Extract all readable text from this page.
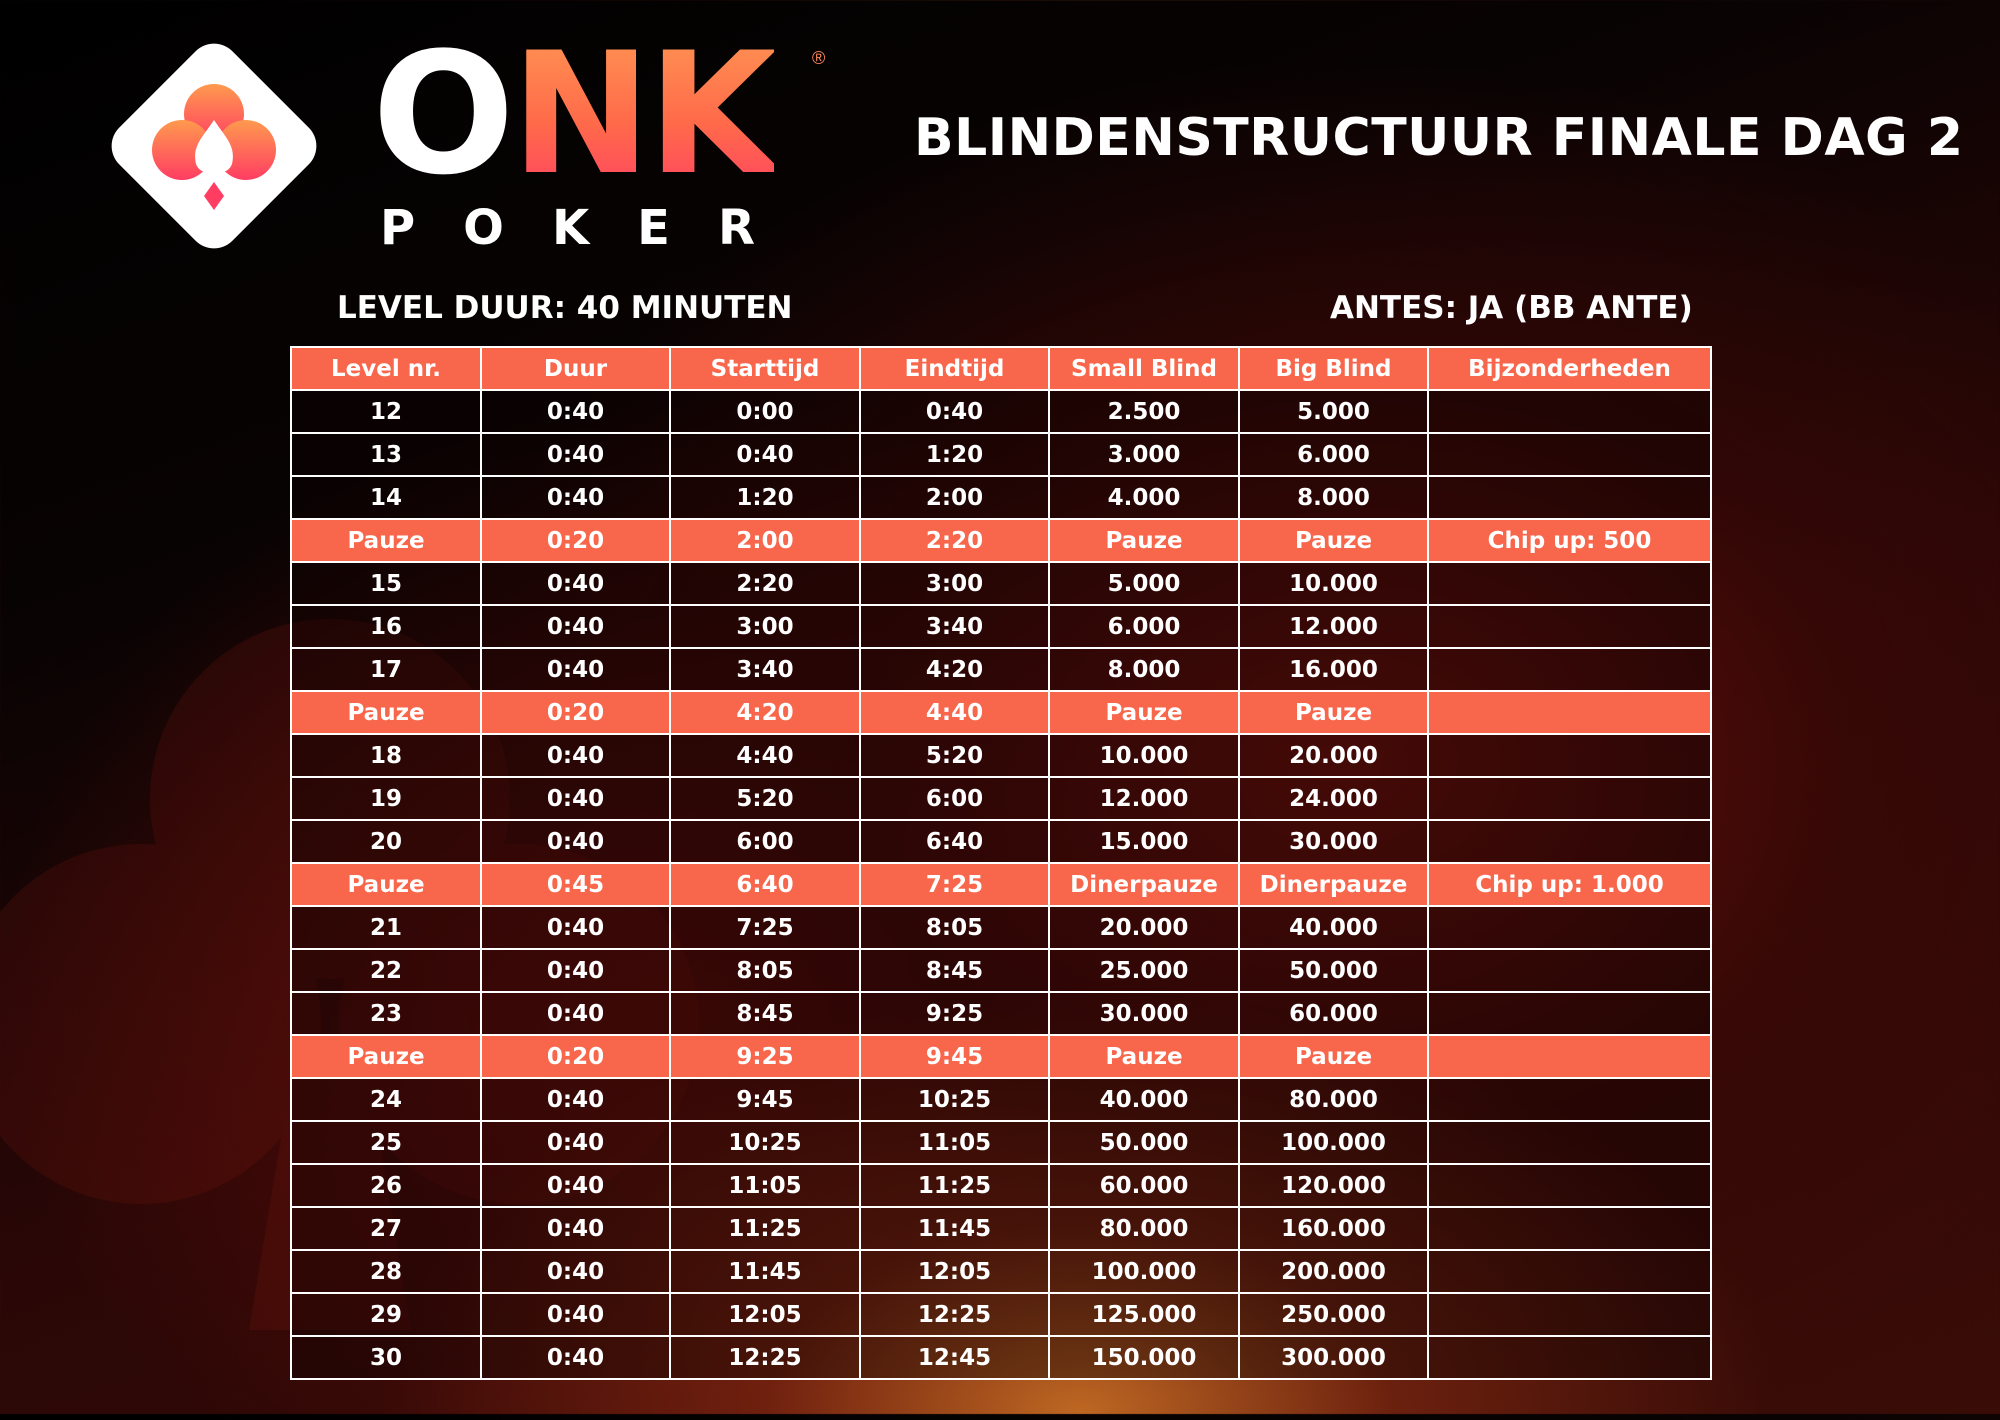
ONK ®
POKER
BLINDENSTRUCTUUR FINALE DAG 2
LEVEL DUUR: 40 MINUTEN	ANTES: JA (BB ANTE)
Level nr.	Duur	Starttijd	Eindtijd	Small Blind	Big Blind	Bijzonderheden
12	0:40	0:00	0:40	2.500	5.000	
13	0:40	0:40	1:20	3.000	6.000	
14	0:40	1:20	2:00	4.000	8.000	
Pauze	0:20	2:00	2:20	Pauze	Pauze	Chip up: 500
15	0:40	2:20	3:00	5.000	10.000	
16	0:40	3:00	3:40	6.000	12.000	
17	0:40	3:40	4:20	8.000	16.000	
Pauze	0:20	4:20	4:40	Pauze	Pauze	
18	0:40	4:40	5:20	10.000	20.000	
19	0:40	5:20	6:00	12.000	24.000	
20	0:40	6:00	6:40	15.000	30.000	
Pauze	0:45	6:40	7:25	Dinerpauze	Dinerpauze	Chip up: 1.000
21	0:40	7:25	8:05	20.000	40.000	
22	0:40	8:05	8:45	25.000	50.000	
23	0:40	8:45	9:25	30.000	60.000	
Pauze	0:20	9:25	9:45	Pauze	Pauze	
24	0:40	9:45	10:25	40.000	80.000	
25	0:40	10:25	11:05	50.000	100.000	
26	0:40	11:05	11:25	60.000	120.000	
27	0:40	11:25	11:45	80.000	160.000	
28	0:40	11:45	12:05	100.000	200.000	
29	0:40	12:05	12:25	125.000	250.000	
30	0:40	12:25	12:45	150.000	300.000	
